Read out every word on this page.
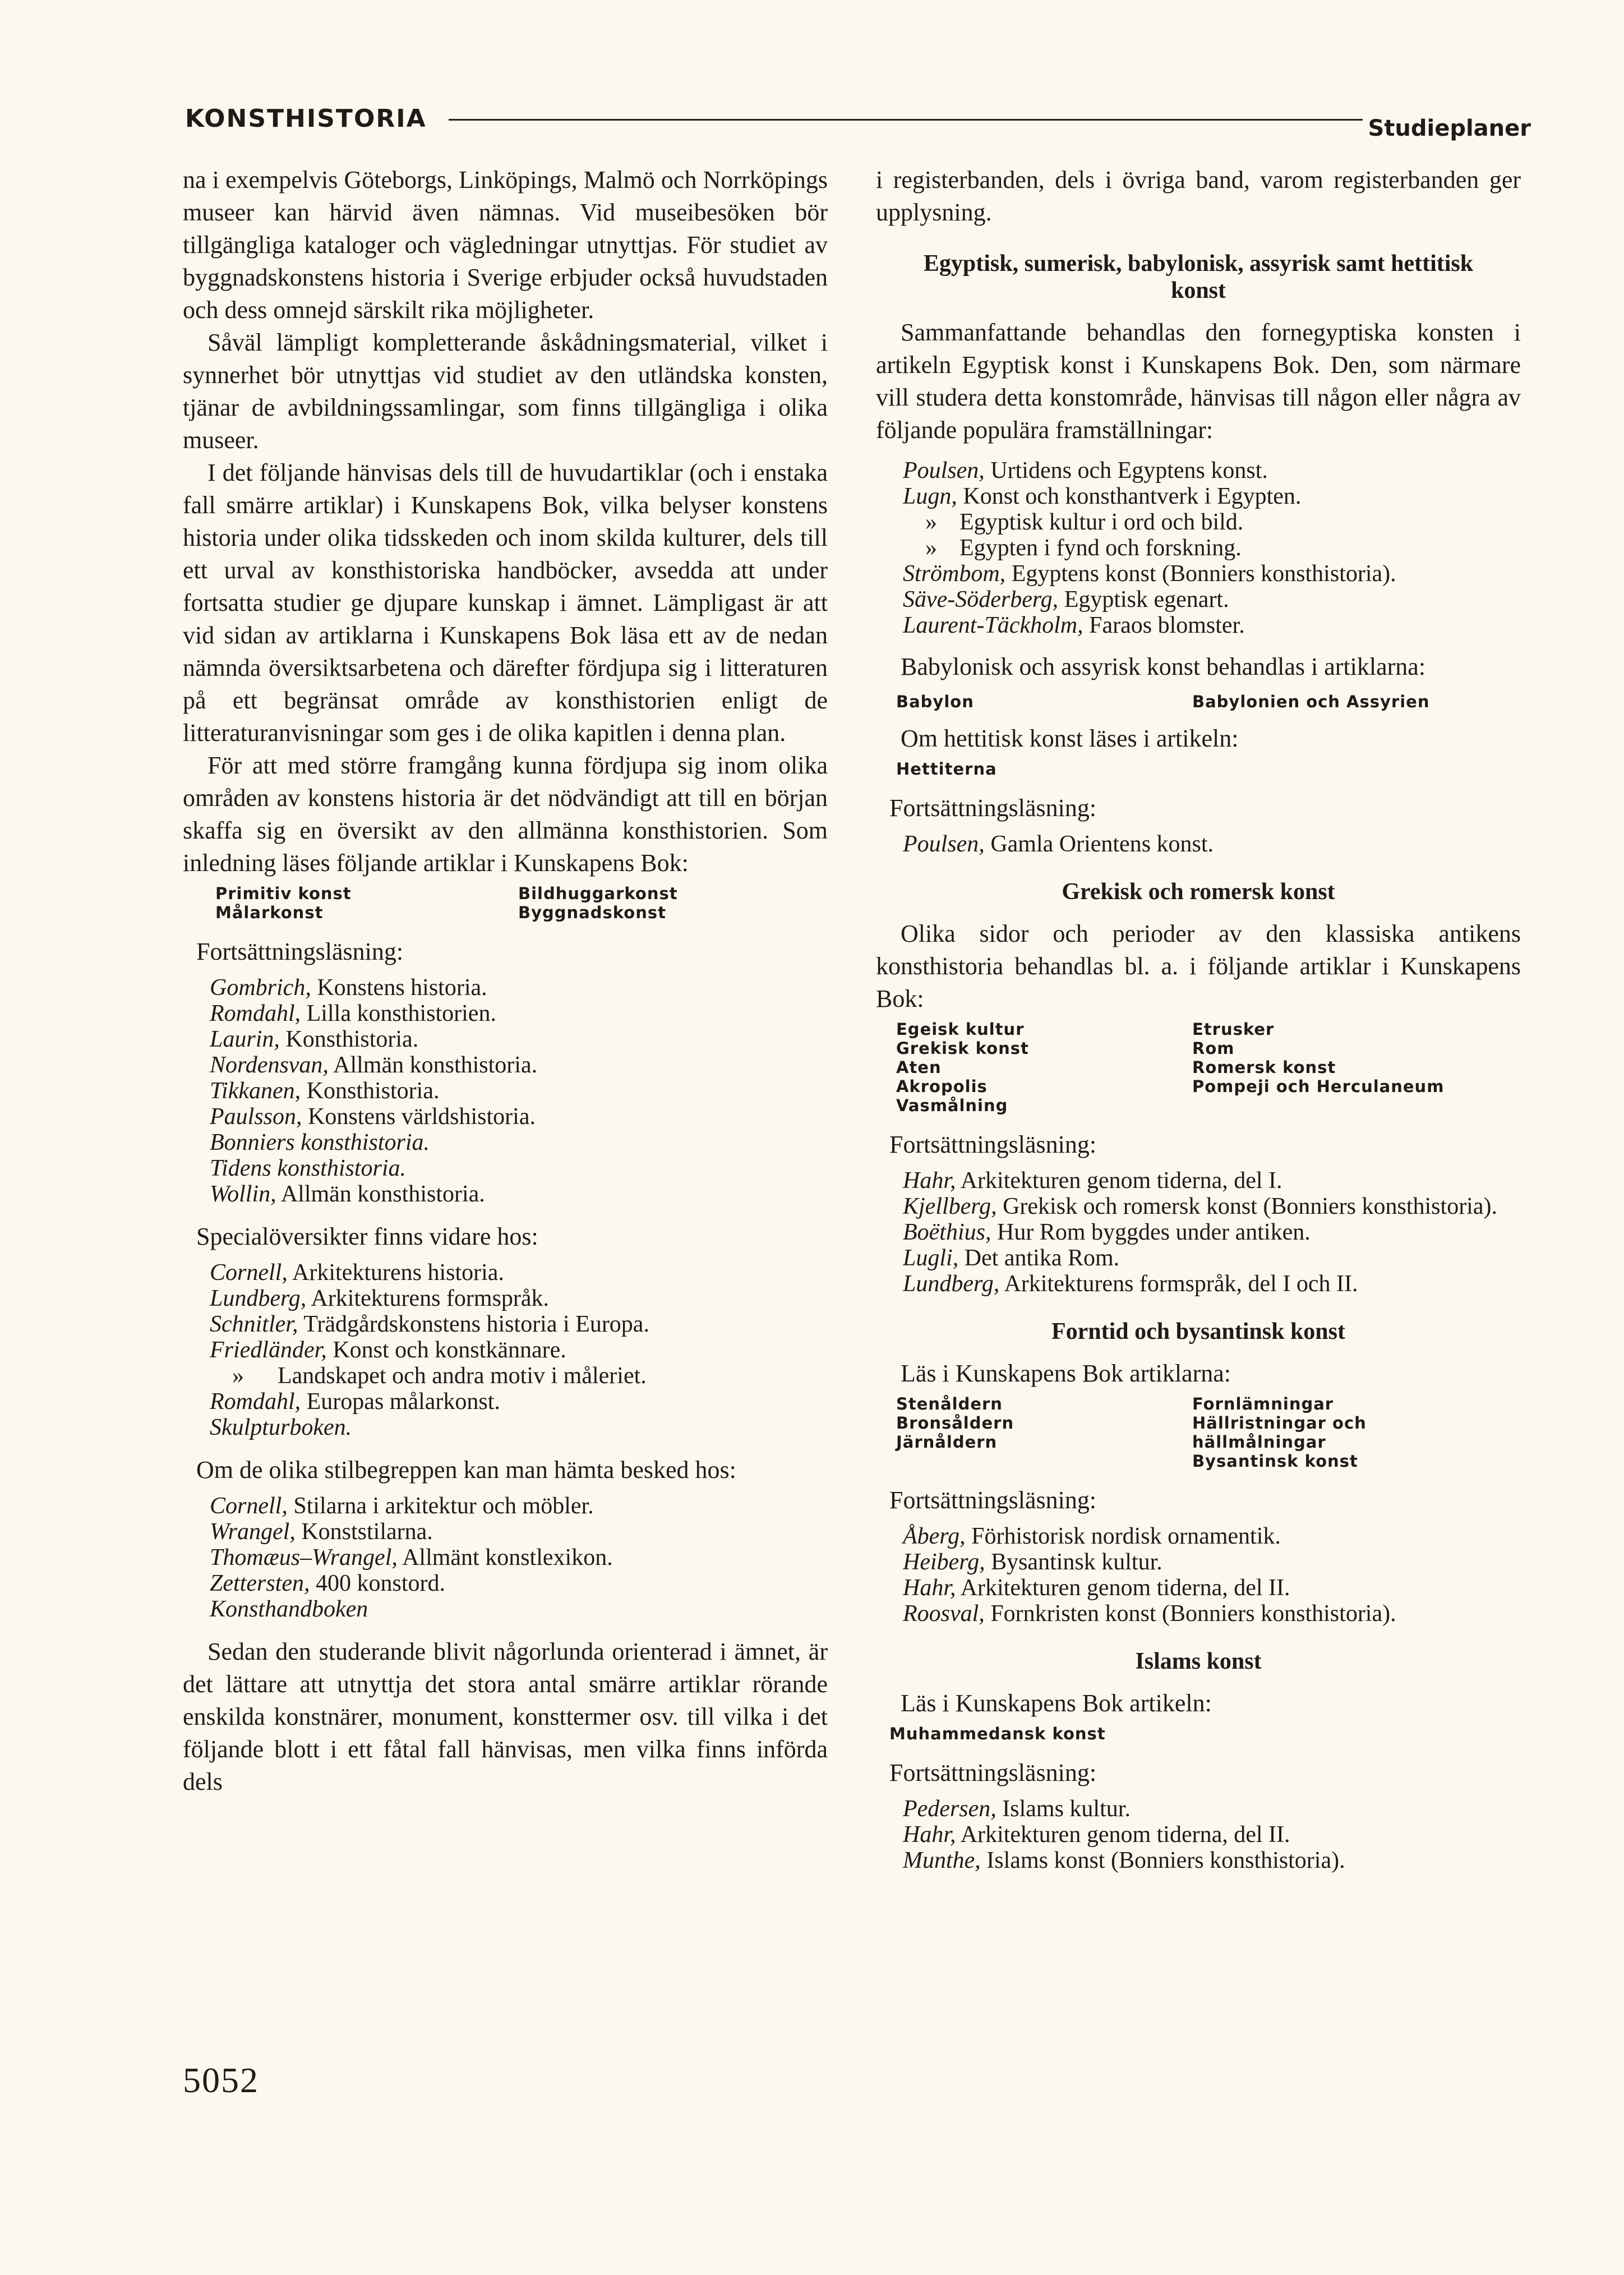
KONSTHISTORIA	Studieplaner

na i exempelvis Göteborgs, Linköpings, Malmö och Norrköpings museer kan härvid även nämnas. Vid museibesöken bör tillgängliga kataloger och vägledningar utnyttjas. För studiet av byggnadskonstens historia i Sverige erbjuder också huvudstaden och dess omnejd särskilt rika möjligheter.

Såväl lämpligt kompletterande åskådningsmaterial, vilket i synnerhet bör utnyttjas vid studiet av den utländska konsten, tjänar de avbildningssamlingar, som finns tillgängliga i olika museer.

I det följande hänvisas dels till de huvudartiklar (och i enstaka fall smärre artiklar) i Kunskapens Bok, vilka belyser konstens historia under olika tidsskeden och inom skilda kulturer, dels till ett urval av konsthistoriska handböcker, avsedda att under fortsatta studier ge djupare kunskap i ämnet. Lämpligast är att vid sidan av artiklarna i Kunskapens Bok läsa ett av de nedan nämnda översiktsarbetena och därefter fördjupa sig i litteraturen på ett begränsat område av konsthistorien enligt de litteraturanvisningar som ges i de olika kapitlen i denna plan.

För att med större framgång kunna fördjupa sig inom olika områden av konstens historia är det nödvändigt att till en början skaffa sig en översikt av den allmänna konsthistorien. Som inledning läses följande artiklar i Kunskapens Bok:

Primitiv konst
Målarkonst
Bildhuggarkonst
Byggnadskonst

Fortsättningsläsning:

Gombrich, Konstens historia.
Romdahl, Lilla konsthistorien.
Laurin, Konsthistoria.
Nordensvan, Allmän konsthistoria.
Tikkanen, Konsthistoria.
Paulsson, Konstens världshistoria.
Bonniers konsthistoria.
Tidens konsthistoria.
Wollin, Allmän konsthistoria.

Specialöversikter finns vidare hos:

Cornell, Arkitekturens historia.
Lundberg, Arkitekturens formspråk.
Schnitler, Trädgårdskonstens historia i Europa.
Friedländer, Konst och konstkännare.
» Landskapet och andra motiv i måleriet.
Romdahl, Europas målarkonst.
Skulpturboken.

Om de olika stilbegreppen kan man hämta besked hos:

Cornell, Stilarna i arkitektur och möbler.
Wrangel, Konststilarna.
Thomæus–Wrangel, Allmänt konstlexikon.
Zettersten, 400 konstord.
Konsthandboken

Sedan den studerande blivit någorlunda orienterad i ämnet, är det lättare att utnyttja det stora antal smärre artiklar rörande enskilda konstnärer, monument, konsttermer osv. till vilka i det följande blott i ett fåtal fall hänvisas, men vilka finns införda dels

i registerbanden, dels i övriga band, varom registerbanden ger upplysning.

Egyptisk, sumerisk, babylonisk, assyrisk samt hettitisk konst

Sammanfattande behandlas den fornegyptiska konsten i artikeln Egyptisk konst i Kunskapens Bok. Den, som närmare vill studera detta konstområde, hänvisas till någon eller några av följande populära framställningar:

Poulsen, Urtidens och Egyptens konst.
Lugn, Konst och konsthantverk i Egypten.
» Egyptisk kultur i ord och bild.
» Egypten i fynd och forskning.
Strömbom, Egyptens konst (Bonniers konsthistoria).
Säve-Söderberg, Egyptisk egenart.
Laurent-Täckholm, Faraos blomster.

Babylonisk och assyrisk konst behandlas i artiklarna:

Babylon	Babylonien och Assyrien

Om hettitisk konst läses i artikeln:

Hettiterna

Fortsättningsläsning:

Poulsen, Gamla Orientens konst.
Grekisk och romersk konst

Olika sidor och perioder av den klassiska antikens konsthistoria behandlas bl. a. i följande artiklar i Kunskapens Bok:

Egeisk kultur
Grekisk konst
Aten
Akropolis
Vasmålning
Etrusker
Rom
Romersk konst
Pompeji och Herculaneum

Fortsättningsläsning:

Hahr, Arkitekturen genom tiderna, del I.
Kjellberg, Grekisk och romersk konst (Bonniers konsthistoria).
Boëthius, Hur Rom byggdes under antiken.
Lugli, Det antika Rom.
Lundberg, Arkitekturens formspråk, del I och II.
Forntid och bysantinsk konst

Läs i Kunskapens Bok artiklarna:

Stenåldern
Bronsåldern
Järnåldern
Fornlämningar
Hällristningar och hällmålningar
Bysantinsk konst

Fortsättningsläsning:

Åberg, Förhistorisk nordisk ornamentik.
Heiberg, Bysantinsk kultur.
Hahr, Arkitekturen genom tiderna, del II.
Roosval, Fornkristen konst (Bonniers konsthistoria).
Islams konst

Läs i Kunskapens Bok artikeln:

Muhammedansk konst

Fortsättningsläsning:

Pedersen, Islams kultur.
Hahr, Arkitekturen genom tiderna, del II.
Munthe, Islams konst (Bonniers konsthistoria).
5052
